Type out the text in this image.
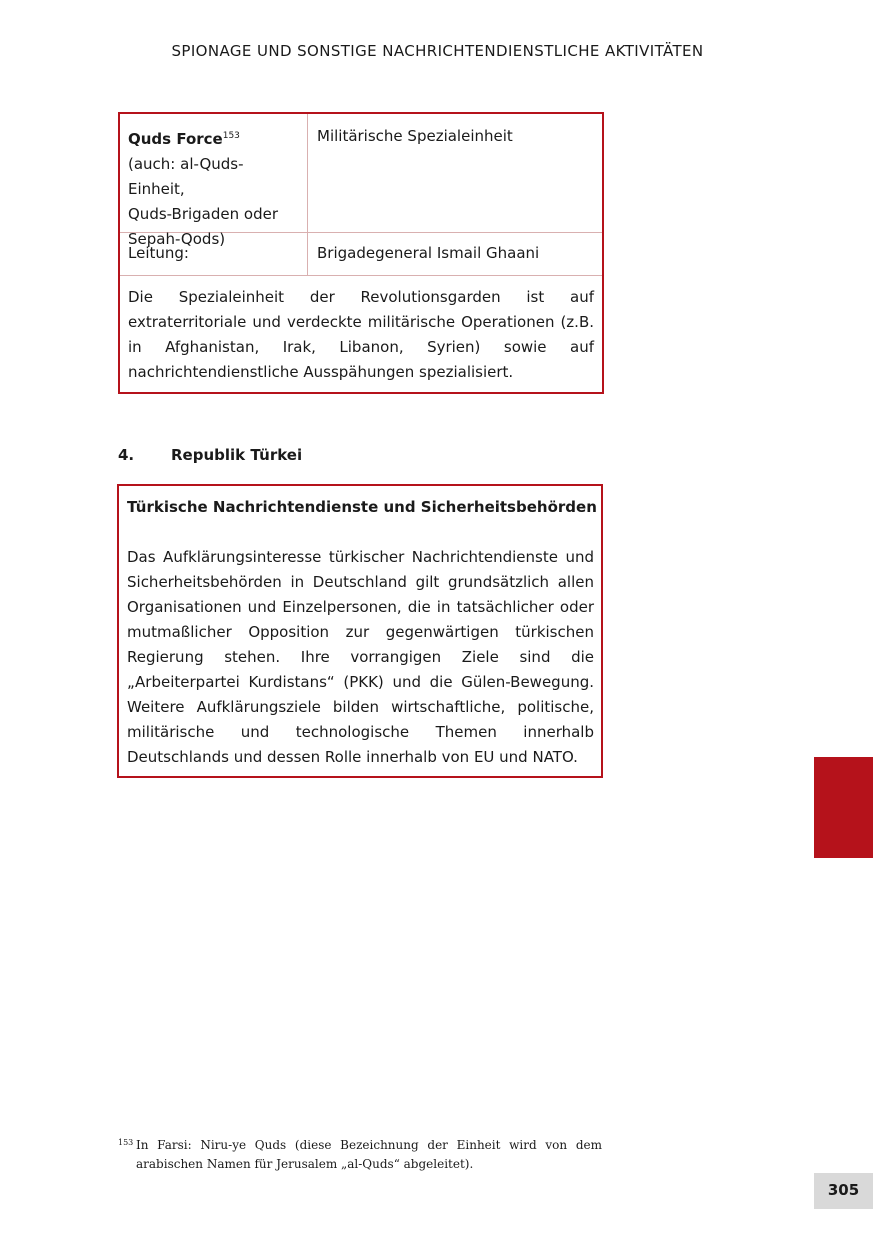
SPIONAGE UND SONSTIGE NACHRICHTENDIENSTLICHE AKTIVITÄTEN
Quds Force$^{153}$
(auch: al-Quds-Einheit,
Quds-Brigaden oder
Sepah-Qods)
Militärische Spezialeinheit
Leitung:	Brigadegeneral Ismail Ghaani
Die Spezialeinheit der Revolutionsgarden ist auf extraterritoriale und verdeckte militärische Operationen (z.B. in Afghanistan, Irak, Libanon, Syrien) sowie auf nachrichtendienstliche Ausspähungen spezialisiert.
4. Republik Türkei
Türkische Nachrichtendienste und Sicherheitsbehörden
Das Aufklärungsinteresse türkischer Nachrichtendienste und Sicherheitsbehörden in Deutschland gilt grundsätzlich allen Organisationen und Einzelpersonen, die in tatsächlicher oder mutmaßlicher Opposition zur gegenwärtigen türkischen Regierung stehen. Ihre vorrangigen Ziele sind die „Arbeiterpartei Kurdistans“ (PKK) und die Gülen-Bewegung. Weitere Aufklärungsziele bilden wirtschaftliche, politische, militärische und technologische Themen innerhalb Deutschlands und dessen Rolle innerhalb von EU und NATO.
153 In Farsi: Niru-ye Quds (diese Bezeichnung der Einheit wird von dem arabischen Namen für Jerusalem „al-Quds“ abgeleitet).
305
